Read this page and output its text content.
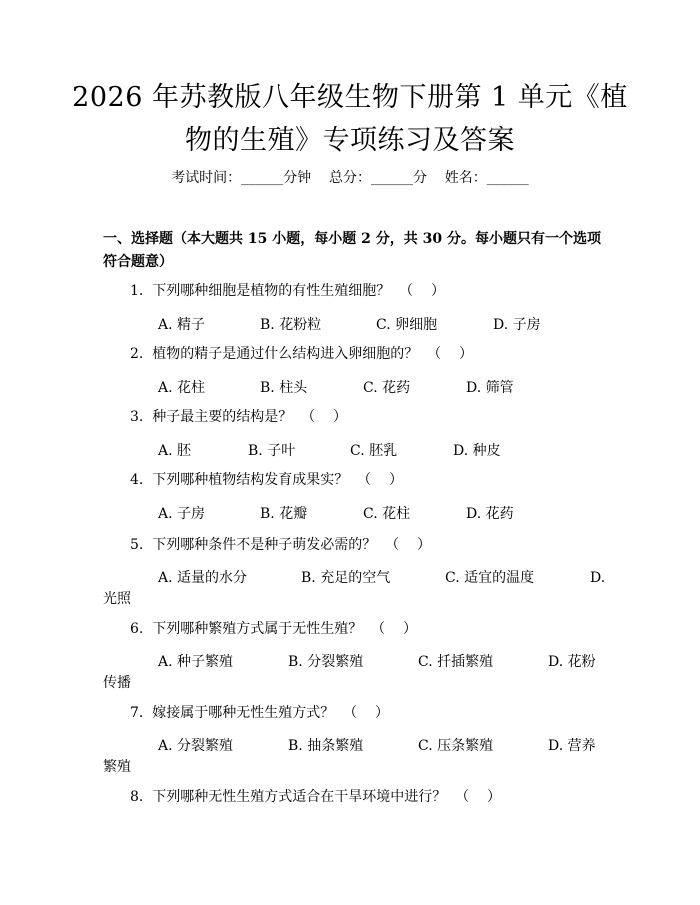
2026 年苏教版八年级生物下册第 1 单元《植
物的生殖》专项练习及答案
考试时间：______分钟    总分：______分    姓名：______

一、选择题（本大题共 15 小题，每小题 2 分，共 30 分。每小题只有一个选项符合题意）

1.  下列哪种细胞是植物的有性生殖细胞？  （    ）
A. 精子	B. 花粉粒	C. 卵细胞	D. 子房
2.  植物的精子是通过什么结构进入卵细胞的？  （    ）
A. 花柱	B. 柱头	C. 花药	D. 筛管
3.  种子最主要的结构是？  （    ）
A. 胚	B. 子叶	C. 胚乳	D. 种皮
4.  下列哪种植物结构发育成果实？  （    ）
A. 子房	B. 花瓣	C. 花柱	D. 花药
5.  下列哪种条件不是种子萌发必需的？  （    ）
A. 适量的水分	B. 充足的空气	C. 适宜的温度	D.
光照
6.  下列哪种繁殖方式属于无性生殖？  （    ）
A. 种子繁殖	B. 分裂繁殖	C. 扦插繁殖	D. 花粉
传播
7.  嫁接属于哪种无性生殖方式？  （    ）
A. 分裂繁殖	B. 抽条繁殖	C. 压条繁殖	D. 营养
繁殖
8.  下列哪种无性生殖方式适合在干旱环境中进行？  （    ）
